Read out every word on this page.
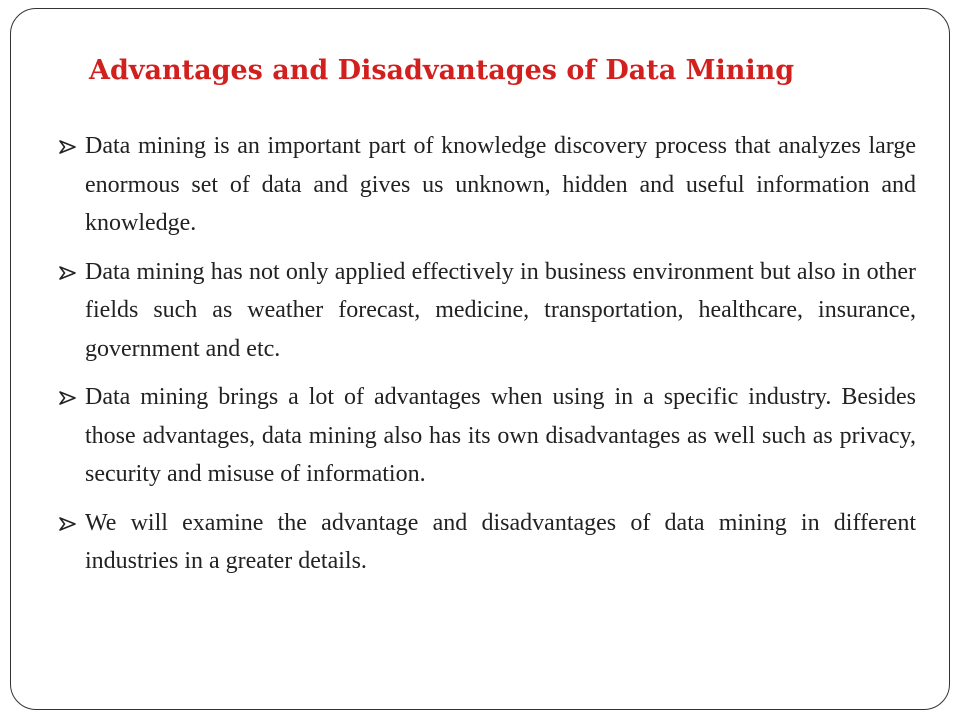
Advantages and Disadvantages of Data Mining
Data mining is an important part of knowledge discovery process that analyzes large enormous set of data and gives us unknown, hidden and useful information and knowledge.
Data mining has not only applied effectively in business environment but also in other fields such as weather forecast, medicine, transportation, healthcare, insurance, government and etc.
Data mining brings a lot of advantages when using in a specific industry. Besides those advantages, data mining also has its own disadvantages as well such as privacy, security and misuse of information.
We will examine the advantage and disadvantages of data mining in different industries in a greater details.
